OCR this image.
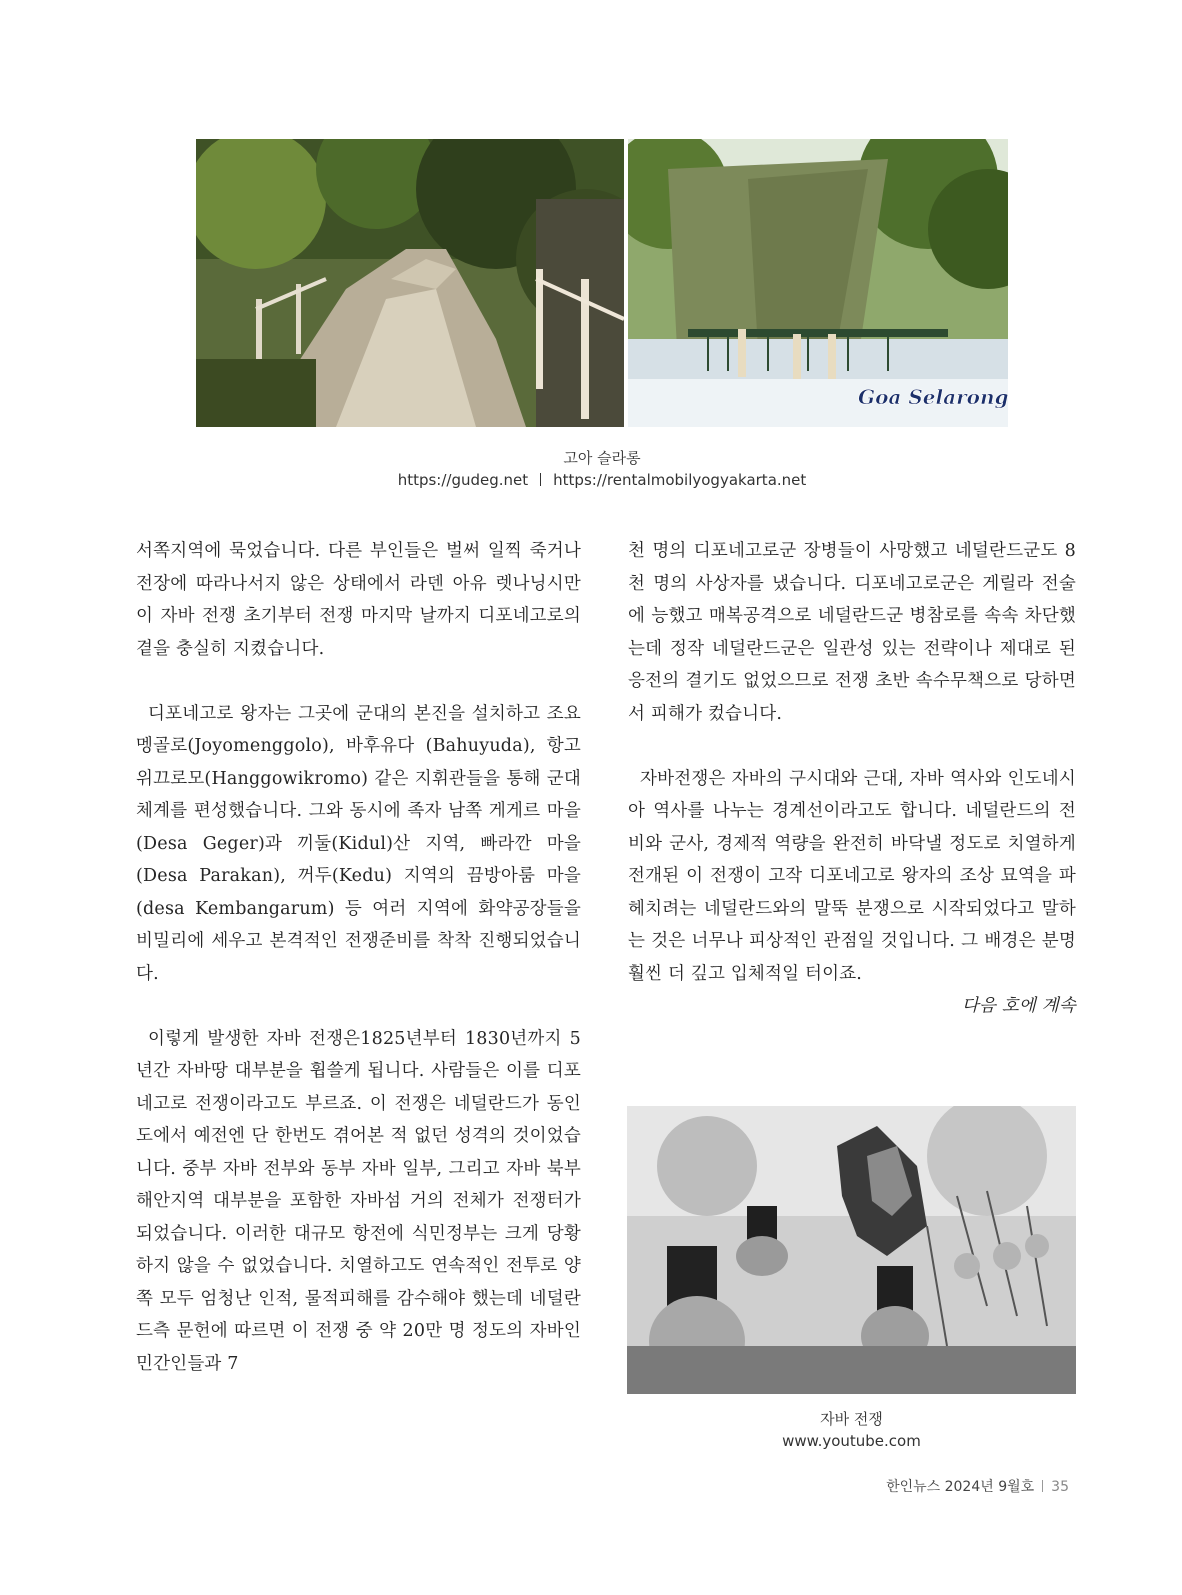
Goa Selarong
고아 슬라롱
https://gudeg.net https://rentalmobilyogyakarta.net

서쪽지역에 묵었습니다. 다른 부인들은 벌써 일찍 죽거나 전장에 따라나서지 않은 상태에서 라덴 아유 렛나닝시만이 자바 전쟁 초기부터 전쟁 마지막 날까지 디포네고로의 곁을 충실히 지켰습니다.

디포네고로 왕자는 그곳에 군대의 본진을 설치하고 조요멩골로(Joyomenggolo), 바후유다 (Bahuyuda), 항고위끄로모(Hanggowikromo) 같은 지휘관들을 통해 군대 체계를 편성했습니다. 그와 동시에 족자 남쪽 게게르 마을(Desa Geger)과 끼둘(Kidul)산 지역, 빠라깐 마을(Desa Parakan), 꺼두(Kedu) 지역의 끔방아룸 마을(desa Kembangarum) 등 여러 지역에 화약공장들을 비밀리에 세우고 본격적인 전쟁준비를 착착 진행되었습니다.

이렇게 발생한 자바 전쟁은1825년부터 1830년까지 5년간 자바땅 대부분을 휩쓸게 됩니다. 사람들은 이를 디포네고로 전쟁이라고도 부르죠. 이 전쟁은 네덜란드가 동인도에서 예전엔 단 한번도 겪어본 적 없던 성격의 것이었습니다. 중부 자바 전부와 동부 자바 일부, 그리고 자바 북부해안지역 대부분을 포함한 자바섬 거의 전체가 전쟁터가 되었습니다. 이러한 대규모 항전에 식민정부는 크게 당황하지 않을 수 없었습니다. 치열하고도 연속적인 전투로 양쪽 모두 엄청난 인적, 물적피해를 감수해야 했는데 네덜란드측 문헌에 따르면 이 전쟁 중 약 20만 명 정도의 자바인 민간인들과 7

천 명의 디포네고로군 장병들이 사망했고 네덜란드군도 8천 명의 사상자를 냈습니다. 디포네고로군은 게릴라 전술에 능했고 매복공격으로 네덜란드군 병참로를 속속 차단했는데 정작 네덜란드군은 일관성 있는 전략이나 제대로 된 응전의 결기도 없었으므로 전쟁 초반 속수무책으로 당하면서 피해가 컸습니다.

자바전쟁은 자바의 구시대와 근대, 자바 역사와 인도네시아 역사를 나누는 경계선이라고도 합니다. 네덜란드의 전비와 군사, 경제적 역량을 완전히 바닥낼 정도로 치열하게 전개된 이 전쟁이 고작 디포네고로 왕자의 조상 묘역을 파헤치려는 네덜란드와의 말뚝 분쟁으로 시작되었다고 말하는 것은 너무나 피상적인 관점일 것입니다. 그 배경은 분명 훨씬 더 깊고 입체적일 터이죠.

다음 호에 계속

자바 전쟁
www.youtube.com
한인뉴스 2024년 9월호 35
